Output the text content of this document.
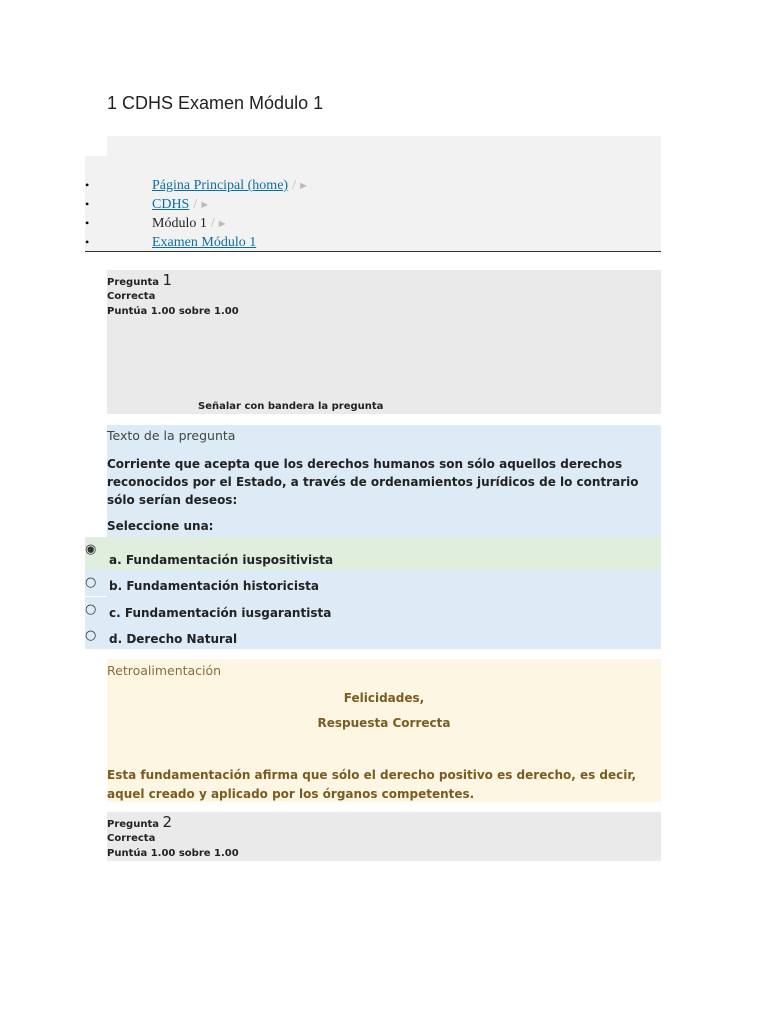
1 CDHS Examen Módulo 1
•	Página Principal (home) / ►
•	CDHS / ►
•	Módulo 1 / ►
•	Examen Módulo 1
Pregunta 1
Correcta
Puntúa 1.00 sobre 1.00
Señalar con bandera la pregunta
Texto de la pregunta
Corriente que acepta que los derechos humanos son sólo aquellos derechos reconocidos por el Estado, a través de ordenamientos jurídicos de lo contrario sólo serían deseos:
Seleccione una:
◉
a. Fundamentación iuspositivista
○ b. Fundamentación historicista
○ c. Fundamentación iusgarantista
○ d. Derecho Natural
Retroalimentación
Felicidades,
Respuesta Correcta
Esta fundamentación afirma que sólo el derecho positivo es derecho, es decir, aquel creado y aplicado por los órganos competentes.
Pregunta 2
Correcta
Puntúa 1.00 sobre 1.00
